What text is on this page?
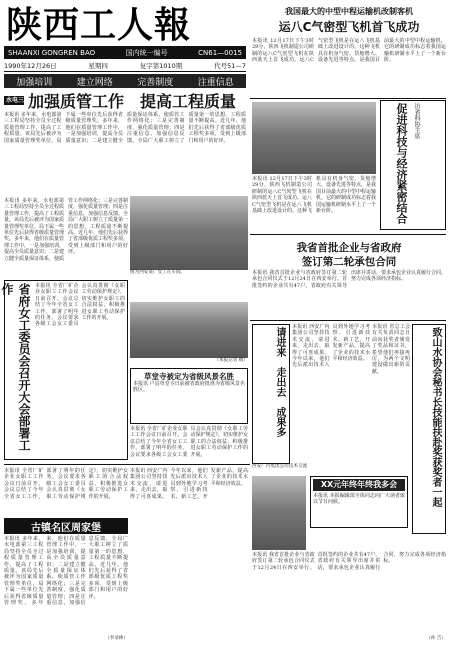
陕西工人報
SHAANXI GONGREN BAO	国内统一编号	CN61—0015
1990年12月26日	星期四	复字第1010期	代号51—7
加强培训	建立网络	完善制度	注重信息
水电三局
加强质管工作　提高工程质量
本报讯 多年来，水电部第三工程局坚持全员全过程质量管理工作，提高了工程质量。该局先后被评为国家质量管理奖单位，局下属一些单位先后获得省级质量管理奖。多年来，他们在质量管理工作中，一是加强培训，提高全员质量意识；二是建立健全质量保证体系，使质管工作网络化；三是完善制度，强化质量管理；四是注重信息，加强信息反馈。全局广大职工树立了质量第一的思想，工程质量不断提高。近几年，他们先后获得了省部级优质工程奖多项，受到上级部门和用户的好评。
我国最大的中型中程运输机改制客机
运八C气密型飞机首飞成功
本报讯 12月17日下午3时29分，陕西飞机制造公司研制的运八C气密型飞机在陕西蓝天上首飞成功。运八C气密型飞机是在运八飞机基础上改进设计的。这种飞机具有机身气密、货舱增大、设备先进等特点，是我国目前最大的中型中程运输机，它的研制成功标志着我国运输机研制水平上了一个新台阶。
本报讯 12月17日下午3时29分，陕西飞机制造公司研制的运八C气密型飞机在陕西蓝天上首飞成功。运八C气密型飞机是在运八飞机基础上改进设计的。这种飞机具有机身气密、货舱增大、设备先进等特点，是我国目前最大的中型中程运输机，它的研制成功标志着我国运输机研制水平上了一个新台阶。	促进科技与经济紧密结合 访省科协主席
我省首批企业与省政府
签订第二轮承包合同
本报讯 我省首批企业与省政府签订第二轮承包合同仪式于12月24日在西安举行。首批签约的企业共有47户。省政府有关领导出席并讲话，要求承包企业认真履行合同，努力完成各项经济指标。
图为西安某厂女工在车间。
（本报记者 摄）
本报讯 多年来，水电部第三工程局坚持全员全过程质量管理工作，提高了工程质量。该局先后被评为国家质量管理奖单位，局下属一些单位先后获得省级质量管理奖。多年来，他们在质量管理工作中，一是加强培训，提高全员质量意识；二是建立健全质量保证体系，使质管工作网络化；三是完善制度，强化质量管理；四是注重信息，加强信息反馈。全局广大职工树立了质量第一的思想，工程质量不断提高。近几年，他们先后获得了省部级优质工程奖多项，受到上级部门和用户的好评。
省府女工委员会召开大会部署工作	本报讯 全省厂矿企业女职工工作会议日前召开。会议总结了今年全省女工工作，部署了明年的任务。会议要求各级工会女工委员会认真贯彻《女职工劳动保护规定》，切实维护女职工的合法权益，积极推进女职工劳动保护工作的开展。
草堂寺被定为省级风景名胜
本报讯 户县草堂寺日前被省政府批准为省级风景名胜区。
本报讯 全省厂矿企业女职工工作会议日前召开。会议总结了今年全省女工工作，部署了明年的任务。会议要求各级工会女工委员会认真贯彻《女职工劳动保护规定》，切实维护女职工的合法权益，积极推进女职工劳动保护工作的开展。
请进来　走出去　成果多	本报讯 西安广内集团公司坚持技术交流，请进来，走出去，取得了可喜成果。今年以来，他们先后派出技术人员到外地学习考察，引进新技术、新工艺，开发新产品，提高了企业的技术水平和经济效益。
西安广内集团公司技术交流
本报讯 省总工会有关负责同志日前向获奖者颁发了奖品和证书，希望他们再接再厉，为两个文明建设做出新的贡献。	致山水协会秘书长技能扶赴奖获奖者一起
本报讯 全省厂矿企业女职工工作会议日前召开。会议总结了今年全省女工工作，部署了明年的任务。会议要求各级工会女工委员会认真贯彻《女职工劳动保护规定》，切实维护女职工的合法权益，积极推进女职工劳动保护工作的开展。
古镇名区周家堡
本报讯 多年来，水电部第三工程局坚持全员全过程质量管理工作，提高了工程质量。该局先后被评为国家质量管理奖单位，局下属一些单位先后获得省级质量管理奖。多年来，他们在质量管理工作中，一是加强培训，提高全员质量意识；二是建立健全质量保证体系，使质管工作网络化；三是完善制度，强化质量管理；四是注重信息，加强信息反馈。全局广大职工树立了质量第一的思想，工程质量不断提高。近几年，他们先后获得了省部级优质工程奖多项，受到上级部门和用户的好评。
（李录林）
本报讯 西安广内集团公司坚持技术交流，请进来，走出去，取得了可喜成果。今年以来，他们先后派出技术人员到外地学习考察，引进新技术、新工艺，开发新产品，提高了企业的技术水平和经济效益。	XX元年终年终我多会
本报讯 本报编辑部全体同志向广大读者致以节日问候。
本报讯 我省首批企业与省政府签订第二轮承包合同仪式于12月24日在西安举行。首批签约的企业共有47户。省政府有关领导出席并讲话，要求承包企业认真履行合同，努力完成各项经济指标。
（孙 吉）
